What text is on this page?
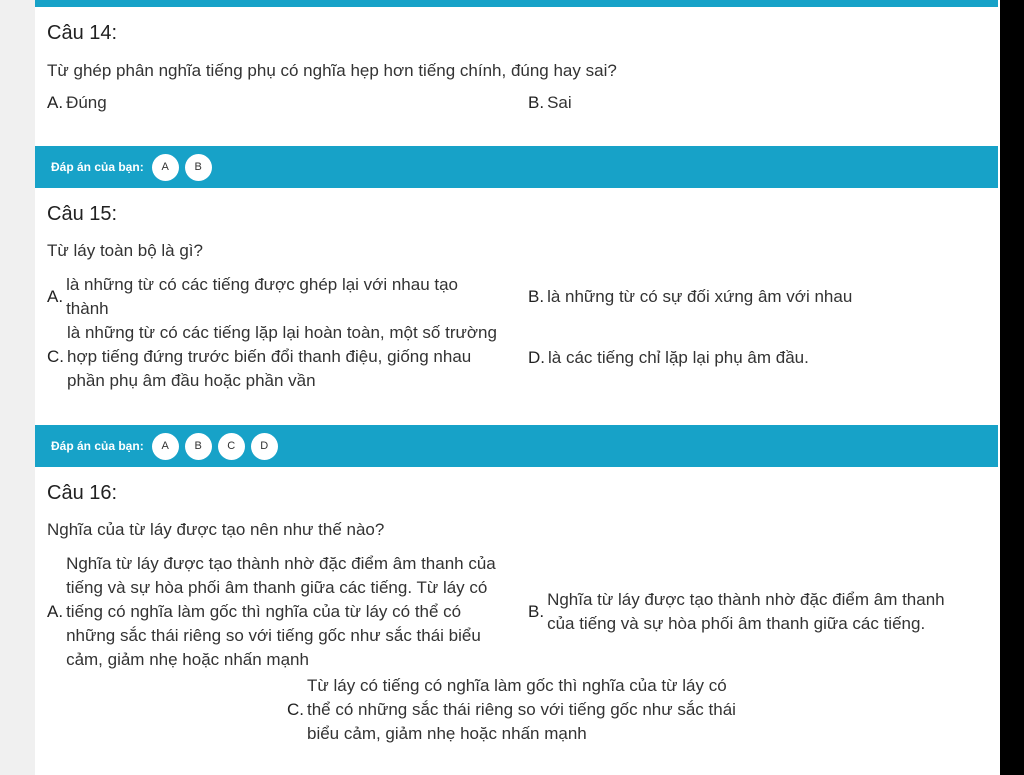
Câu 14:
Từ ghép phân nghĩa tiếng phụ có nghĩa hẹp hơn tiếng chính, đúng hay sai?
A. Đúng	B. Sai
Đáp án của bạn:	A	B
Câu 15:
Từ láy toàn bộ là gì?
A.
là những từ có các tiếng được ghép lại với nhau tạo thành
B. là những từ có sự đối xứng âm với nhau
C.
là những từ có các tiếng lặp lại hoàn toàn, một số trường hợp tiếng đứng trước biến đổi thanh điệu, giống nhau phần phụ âm đầu hoặc phần vần
D. là các tiếng chỉ lặp lại phụ âm đầu.
Đáp án của bạn:	A	B	C	D
Câu 16:
Nghĩa của từ láy được tạo nên như thế nào?
A.
Nghĩa từ láy được tạo thành nhờ đặc điểm âm thanh của tiếng và sự hòa phối âm thanh giữa các tiếng. Từ láy có tiếng có nghĩa làm gốc thì nghĩa của từ láy có thể có những sắc thái riêng so với tiếng gốc như sắc thái biểu cảm, giảm nhẹ hoặc nhấn mạnh
B.
Nghĩa từ láy được tạo thành nhờ đặc điểm âm thanh của tiếng và sự hòa phối âm thanh giữa các tiếng.
C.
Từ láy có tiếng có nghĩa làm gốc thì nghĩa của từ láy có thể có những sắc thái riêng so với tiếng gốc như sắc thái biểu cảm, giảm nhẹ hoặc nhấn mạnh
